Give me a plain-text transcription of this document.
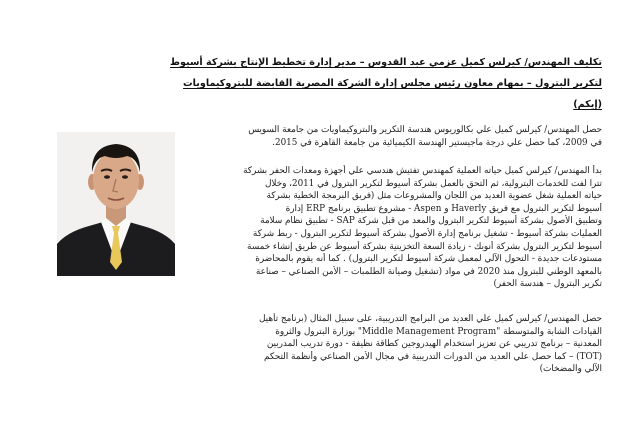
تكليف المهندس/ كيرلس كميل عزمي عبد القدوس – مدير إدارة تخطيط الإنتاج بشركة أسيوط
لتكرير البترول – بمهام معاون رئيس مجلس إدارة الشركة المصرية القابضة للبتروكيماويات
(إيكم)
حصل المهندس/ كيرلس كميل علي بكالوريوس هندسة التكرير والبتروكيماويات من جامعة السويس
في 2009، كما حصل علي درجة ماجيستير الهندسة الكيميائية من جامعة القاهرة في 2015.
بدأ المهندس/ كيرلس كميل حياته العملية كمهندس تفتيش هندسي علي أجهزة ومعدات الحفر بشركة
تترا لفت للخدمات البترولية، ثم التحق بالعمل بشركة أسيوط لتكرير البترول في 2011، وخلال
حياته العملية شغل عضوية العديد من اللجان والمشروعات مثل (فريق البرمجة الخطية بشركة
أسيوط لتكرير البترول مع فريق Haverly و Aspen - مشروع تطبيق برنامج ERP إدارة
وتطبيق الأصول بشركة أسيوط لتكرير البترول والمعد من قبل شركة SAP - تطبيق نظام سلامة
العمليات بشركة أسيوط - تشغيل برنامج إدارة الأصول بشركة أسيوط لتكرير البترول - ربط شركة
أسيوط لتكرير البترول بشركة أنوبك - زيادة السعة التخزينية بشركة أسيوط عن طريق إنشاء خمسة
مستودعات جديدة - التحول الآلي لمعمل شركة أسيوط لتكرير البترول) . كما أنه يقوم بالمحاضرة
بالمعهد الوطني للبترول منذ 2020 في مواد (تشغيل وصيانة الطلمبات – الأمن الصناعي – صناعة
تكرير البترول – هندسة الحفر)
حصل المهندس/ كيرلس كميل علي العديد من البرامج التدريبية، على سبيل المثال (برنامج تأهيل
القيادات الشابة والمتوسطة "Middle Management Program" بوزارة البترول والثروة
المعدنية – برنامج تدريبي عن تعزيز استخدام الهيدروجين كطاقة نظيفة - دورة تدريب المدربين
(TOT) – كما حصل علي العديد من الدورات التدريبية في مجال الأمن الصناعي وأنظمة التحكم
الآلي والمضخات)
